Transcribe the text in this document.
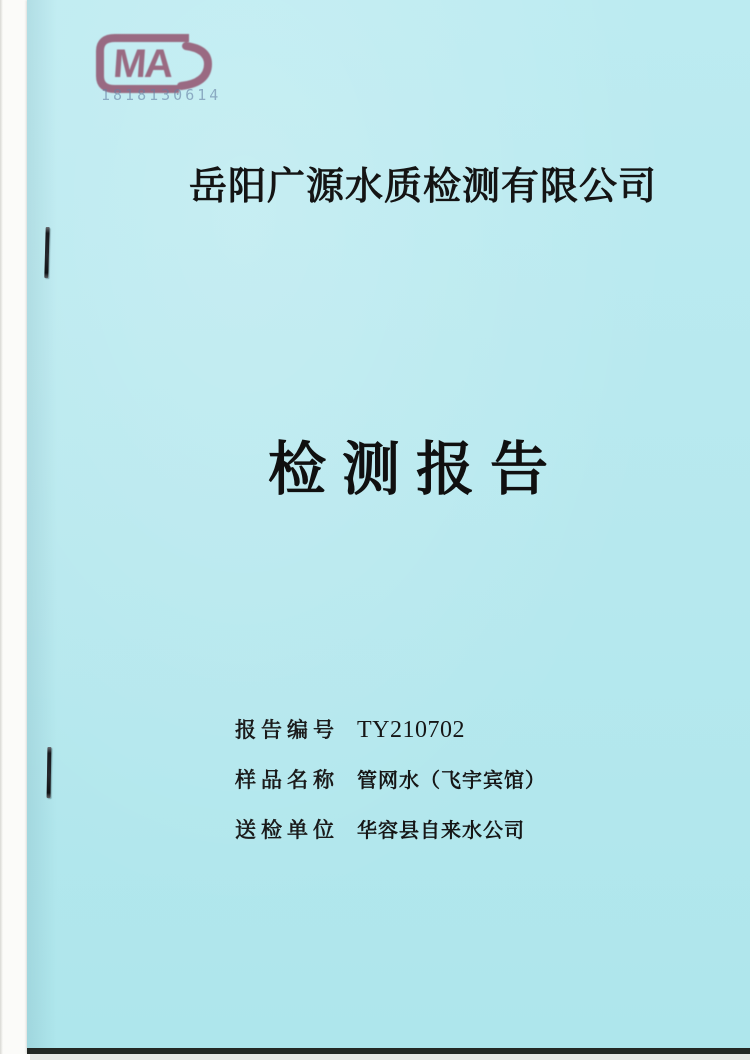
MA
1818130614
岳阳广源水质检测有限公司
检测报告
报告编号 TY210702
样品名称 管网水（飞宇宾馆）
送检单位 华容县自来水公司
